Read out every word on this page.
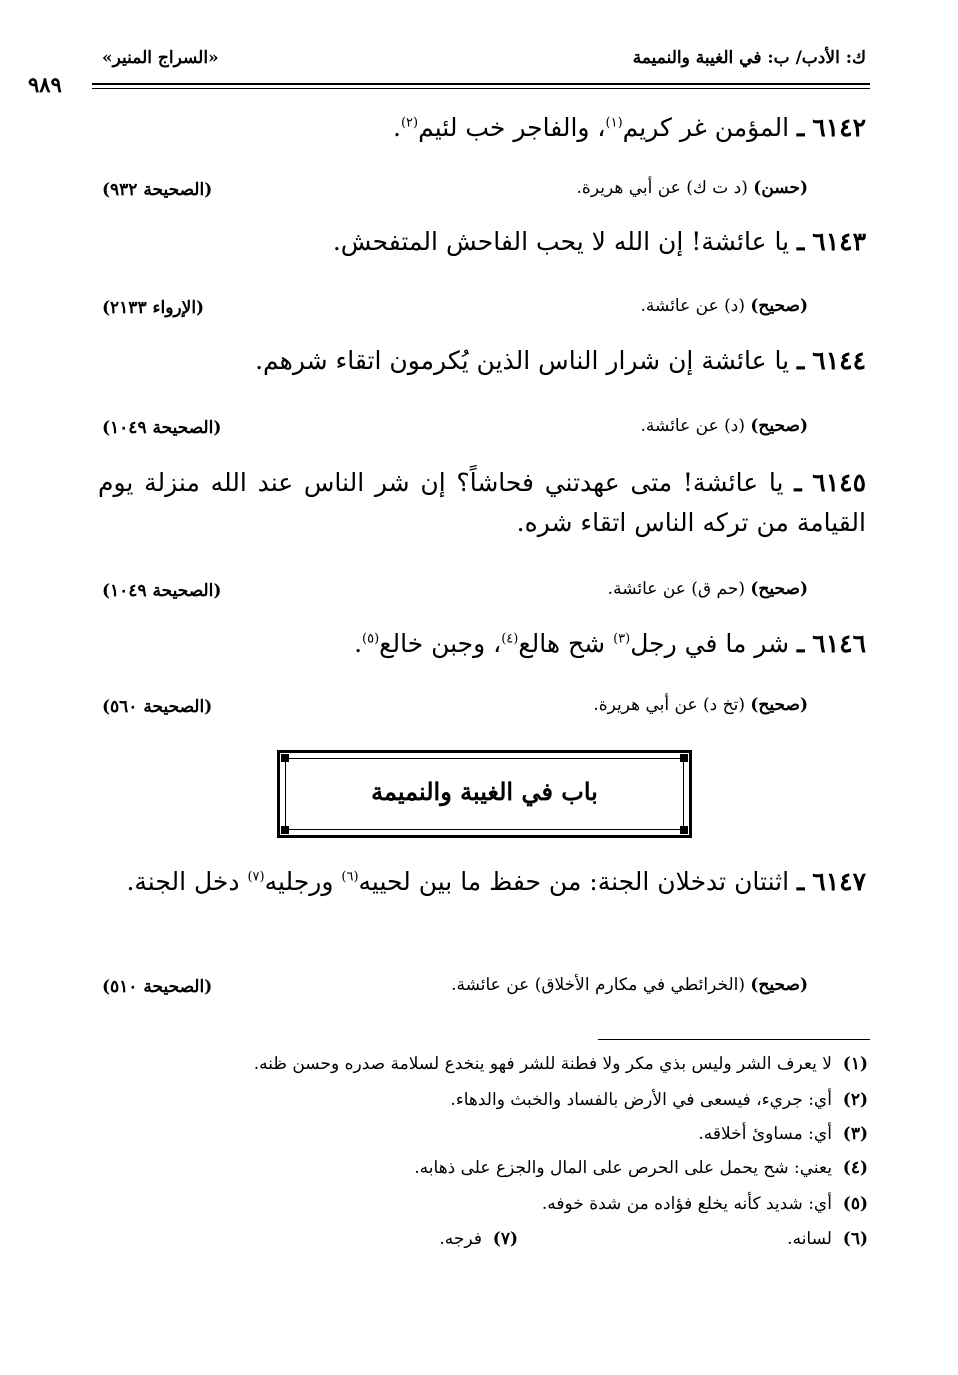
ك: الأدب/ ب: في الغيبة والنميمة
«السراج المنير»
٩٨٩
٦١٤٢ ـ المؤمن غر كريم$^{(١)}$، والفاجر خب لئيم$^{(٢)}$.
(حسن) (د ت ك) عن أبي هريرة.
(الصحيحة ٩٣٢)
٦١٤٣ ـ يا عائشة! إن الله لا يحب الفاحش المتفحش.
(صحيح) (د) عن عائشة.
(الإرواء ٢١٣٣)
٦١٤٤ ـ يا عائشة إن شرار الناس الذين يُكرمون اتقاء شرهم.
(صحيح) (د) عن عائشة.
(الصحيحة ١٠٤٩)
٦١٤٥ ـ يا عائشة! متى عهدتني فحاشاً؟ إن شر الناس عند الله منزلة يوم القيامة من تركه الناس اتقاء شره.
(صحيح) (حم ق) عن عائشة.
(الصحيحة ١٠٤٩)
٦١٤٦ ـ شر ما في رجل$^{(٣)}$ شح هالع$^{(٤)}$، وجبن خالع$^{(٥)}$.
(صحيح) (تخ د) عن أبي هريرة.
(الصحيحة ٥٦٠)
باب في الغيبة والنميمة
٦١٤٧ ـ اثنتان تدخلان الجنة: من حفظ ما بين لحييه$^{(٦)}$ ورجليه$^{(٧)}$ دخل الجنة.
(صحيح) (الخرائطي في مكارم الأخلاق) عن عائشة.
(الصحيحة ٥١٠)
(١)  لا يعرف الشر وليس بذي مكر ولا فطنة للشر فهو ينخدع لسلامة صدره وحسن ظنه.
(٢)  أي: جريء، فيسعى في الأرض بالفساد والخبث والدهاء.
(٣)  أي: مساوئ أخلاقه.
(٤)  يعني: شح يحمل على الحرص على المال والجزع على ذهابه.
(٥)  أي: شديد كأنه يخلع فؤاده من شدة خوفه.
(٦)  لسانه.
(٧)  فرجه.
